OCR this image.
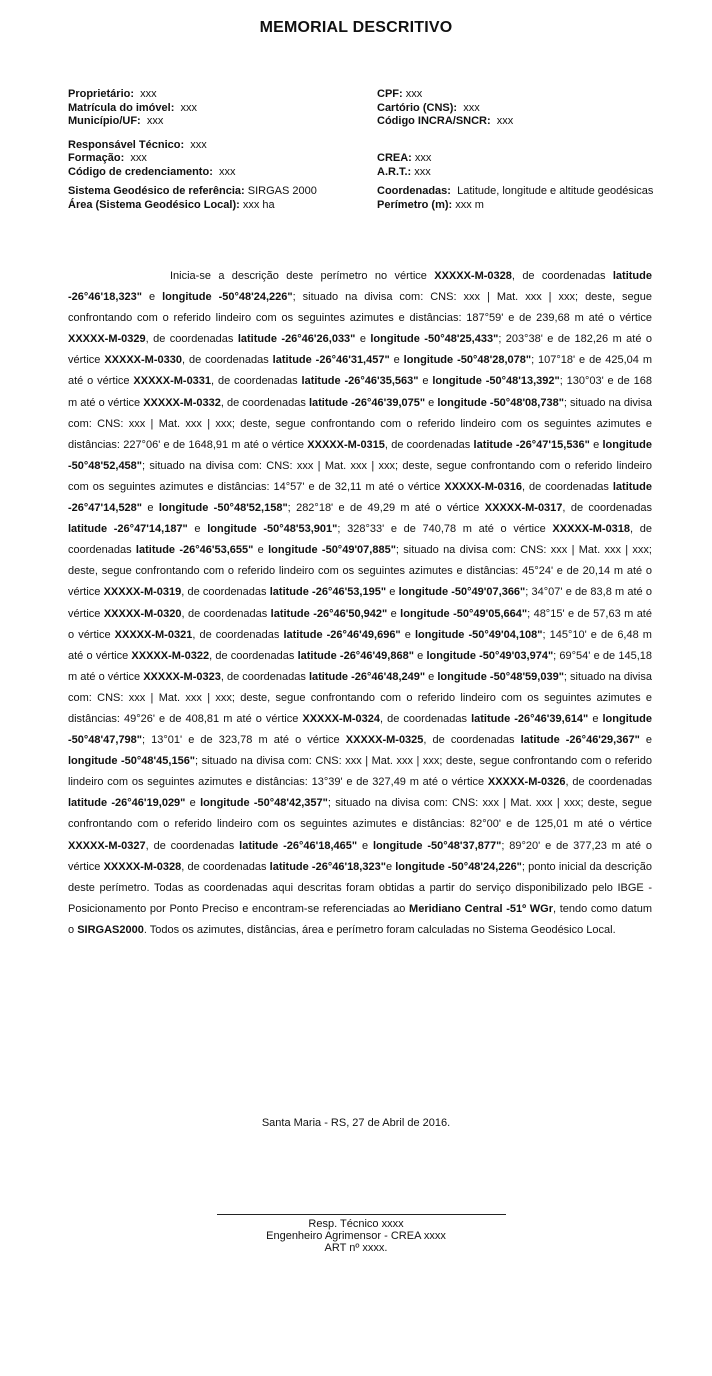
MEMORIAL DESCRITIVO
Proprietário: xxx
Matrícula do imóvel: xxx
Município/UF: xxx
Responsável Técnico: xxx
Formação: xxx
Código de credenciamento: xxx
Sistema Geodésico de referência: SIRGAS 2000
Área (Sistema Geodésico Local): xxx ha
CPF: xxx
Cartório (CNS): xxx
Código INCRA/SNCR: xxx
CREA: xxx
A.R.T.: xxx
Coordenadas: Latitude, longitude e altitude geodésicas
Perímetro (m): xxx m
Inicia-se a descrição deste perímetro no vértice XXXXX-M-0328, de coordenadas latitude -26°46'18,323" e longitude -50°48'24,226"; situado na divisa com: CNS: xxx | Mat. xxx | xxx; deste, segue confrontando com o referido lindeiro com os seguintes azimutes e distâncias: 187°59' e de 239,68 m até o vértice XXXXX-M-0329, de coordenadas latitude -26°46'26,033" e longitude -50°48'25,433"; 203°38' e de 182,26 m até o vértice XXXXX-M-0330, de coordenadas latitude -26°46'31,457" e longitude -50°48'28,078"; 107°18' e de 425,04 m até o vértice XXXXX-M-0331, de coordenadas latitude -26°46'35,563" e longitude -50°48'13,392"; 130°03' e de 168 m até o vértice XXXXX-M-0332, de coordenadas latitude -26°46'39,075" e longitude -50°48'08,738"; situado na divisa com: CNS: xxx | Mat. xxx | xxx; deste, segue confrontando com o referido lindeiro com os seguintes azimutes e distâncias: 227°06' e de 1648,91 m até o vértice XXXXX-M-0315, de coordenadas latitude -26°47'15,536" e longitude -50°48'52,458"; situado na divisa com: CNS: xxx | Mat. xxx | xxx; deste, segue confrontando com o referido lindeiro com os seguintes azimutes e distâncias: 14°57' e de 32,11 m até o vértice XXXXX-M-0316, de coordenadas latitude -26°47'14,528" e longitude -50°48'52,158"; 282°18' e de 49,29 m até o vértice XXXXX-M-0317, de coordenadas latitude -26°47'14,187" e longitude -50°48'53,901"; 328°33' e de 740,78 m até o vértice XXXXX-M-0318, de coordenadas latitude -26°46'53,655" e longitude -50°49'07,885"; situado na divisa com: CNS: xxx | Mat. xxx | xxx; deste, segue confrontando com o referido lindeiro com os seguintes azimutes e distâncias: 45°24' e de 20,14 m até o vértice XXXXX-M-0319, de coordenadas latitude -26°46'53,195" e longitude -50°49'07,366"; 34°07' e de 83,8 m até o vértice XXXXX-M-0320, de coordenadas latitude -26°46'50,942" e longitude -50°49'05,664"; 48°15' e de 57,63 m até o vértice XXXXX-M-0321, de coordenadas latitude -26°46'49,696" e longitude -50°49'04,108"; 145°10' e de 6,48 m até o vértice XXXXX-M-0322, de coordenadas latitude -26°46'49,868" e longitude -50°49'03,974"; 69°54' e de 145,18 m até o vértice XXXXX-M-0323, de coordenadas latitude -26°46'48,249" e longitude -50°48'59,039"; situado na divisa com: CNS: xxx | Mat. xxx | xxx; deste, segue confrontando com o referido lindeiro com os seguintes azimutes e distâncias: 49°26' e de 408,81 m até o vértice XXXXX-M-0324, de coordenadas latitude -26°46'39,614" e longitude -50°48'47,798"; 13°01' e de 323,78 m até o vértice XXXXX-M-0325, de coordenadas latitude -26°46'29,367" e longitude -50°48'45,156"; situado na divisa com: CNS: xxx | Mat. xxx | xxx; deste, segue confrontando com o referido lindeiro com os seguintes azimutes e distâncias: 13°39' e de 327,49 m até o vértice XXXXX-M-0326, de coordenadas latitude -26°46'19,029" e longitude -50°48'42,357"; situado na divisa com: CNS: xxx | Mat. xxx | xxx; deste, segue confrontando com o referido lindeiro com os seguintes azimutes e distâncias: 82°00' e de 125,01 m até o vértice XXXXX-M-0327, de coordenadas latitude -26°46'18,465" e longitude -50°48'37,877"; 89°20' e de 377,23 m até o vértice XXXXX-M-0328, de coordenadas latitude -26°46'18,323"e longitude -50°48'24,226"; ponto inicial da descrição deste perímetro. Todas as coordenadas aqui descritas foram obtidas a partir do serviço disponibilizado pelo IBGE - Posicionamento por Ponto Preciso e encontram-se referenciadas ao Meridiano Central -51º WGr, tendo como datum o SIRGAS2000. Todos os azimutes, distâncias, área e perímetro foram calculadas no Sistema Geodésico Local.
Santa Maria - RS, 27 de Abril de 2016.
Resp. Técnico xxxx
Engenheiro Agrimensor - CREA xxxx
ART nº xxxx.
